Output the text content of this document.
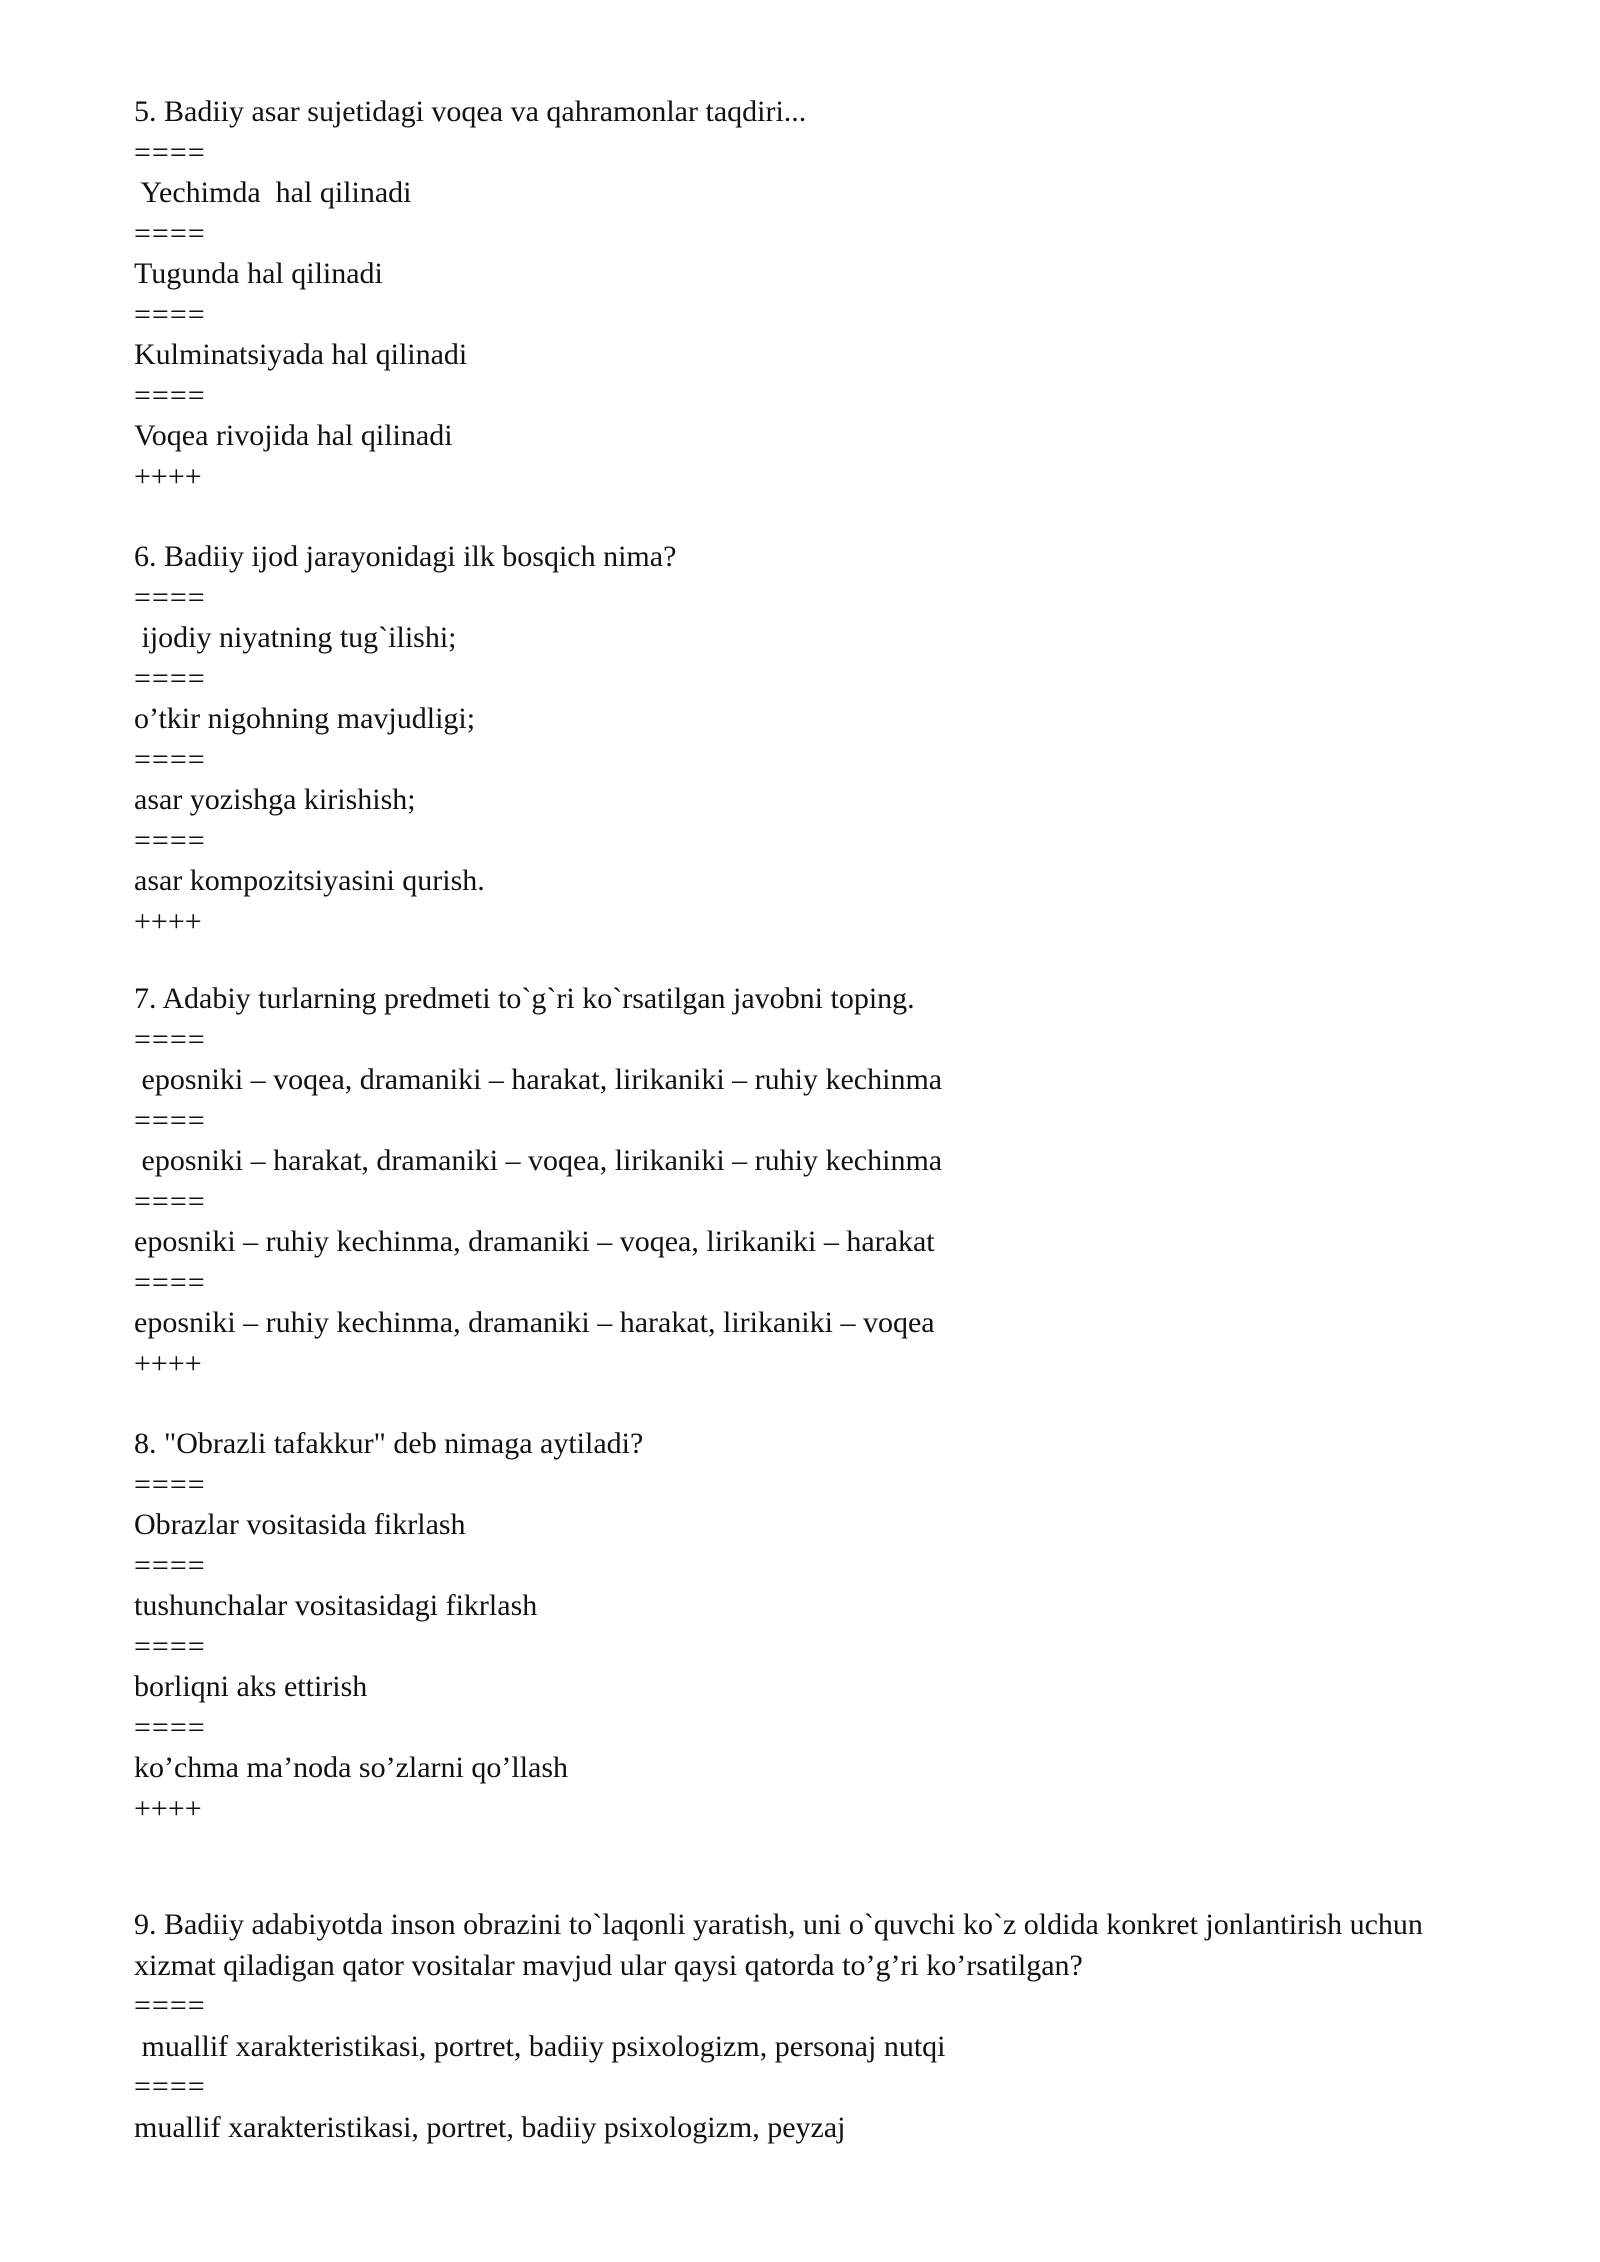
5. Badiiy asar sujetidagi voqea va qahramonlar taqdiri...

====

Yechimda  hal qilinadi

====

Tugunda hal qilinadi

====

Kulminatsiyada hal qilinadi

====

Voqea rivojida hal qilinadi

++++

6. Badiiy ijod jarayonidagi ilk bosqich nima?

====

ijodiy niyatning tug`ilishi;

====

o’tkir nigohning mavjudligi;

====

asar yozishga kirishish;

====

asar kompozitsiyasini qurish.

++++

7. Adabiy turlarning predmeti to`g`ri ko`rsatilgan javobni toping.

====

eposniki – voqea, dramaniki – harakat, lirikaniki – ruhiy kechinma

====

eposniki – harakat, dramaniki – voqea, lirikaniki – ruhiy kechinma

====

eposniki – ruhiy kechinma, dramaniki – voqea, lirikaniki – harakat

====

eposniki – ruhiy kechinma, dramaniki – harakat, lirikaniki – voqea

++++

8. "Obrazli tafakkur" deb nimaga aytiladi?

====

Obrazlar vositasida fikrlash

====

tushunchalar vositasidagi fikrlash

====

borliqni aks ettirish

====

ko’chma ma’noda so’zlarni qo’llash

++++

9. Badiiy adabiyotda inson obrazini to`laqonli yaratish, uni o`quvchi ko`z oldida konkret jonlantirish uchun xizmat qiladigan qator vositalar mavjud ular qaysi qatorda to’g’ri ko’rsatilgan?

====

muallif xarakteristikasi, portret, badiiy psixologizm, personaj nutqi

====

muallif xarakteristikasi, portret, badiiy psixologizm, peyzaj
